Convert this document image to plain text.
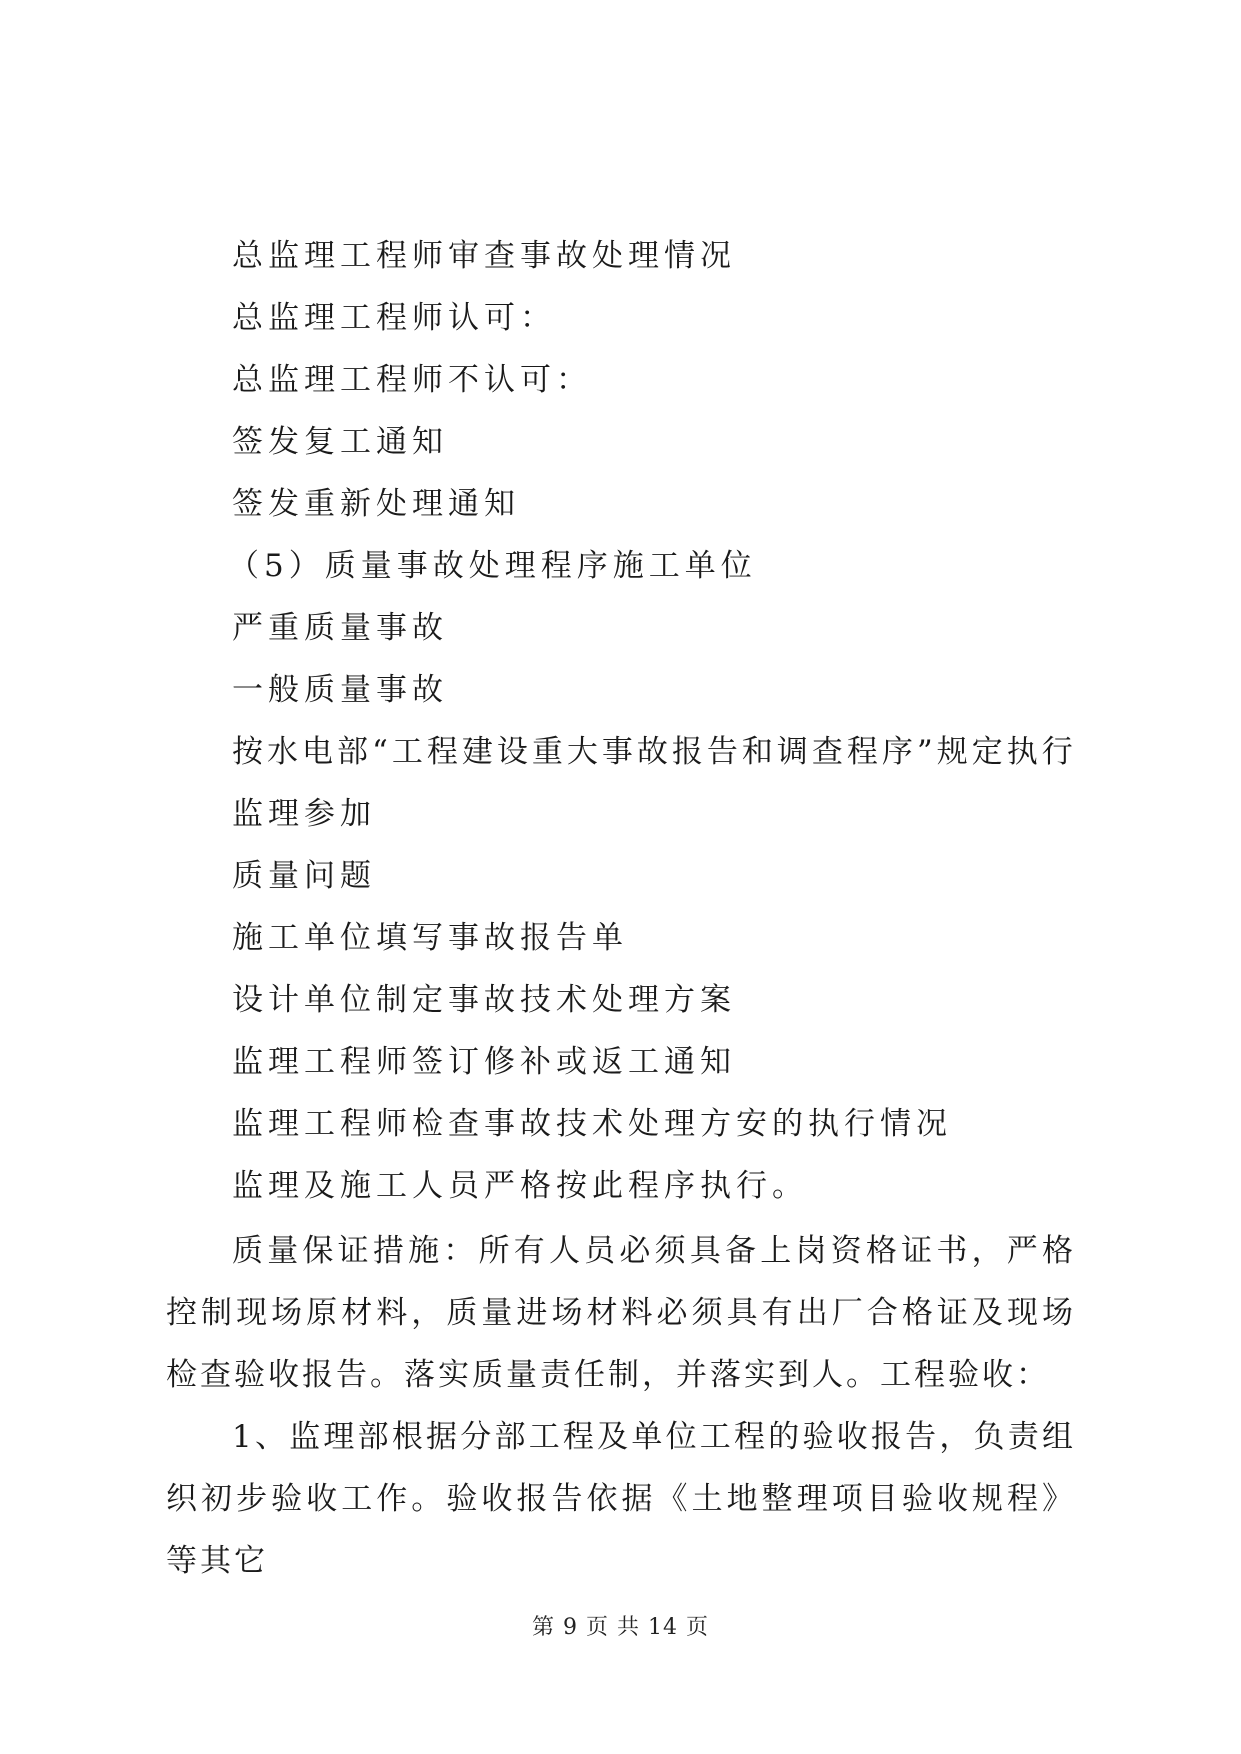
总监理工程师审查事故处理情况
总监理工程师认可：
总监理工程师不认可：
签发复工通知
签发重新处理通知
（5）质量事故处理程序施工单位
严重质量事故
一般质量事故
按水电部“工程建设重大事故报告和调查程序”规定执行
监理参加
质量问题
施工单位填写事故报告单
设计单位制定事故技术处理方案
监理工程师签订修补或返工通知
监理工程师检查事故技术处理方安的执行情况
监理及施工人员严格按此程序执行。
质量保证措施：所有人员必须具备上岗资格证书，严格控制现场原材料，质量进场材料必须具有出厂合格证及现场检查验收报告。落实质量责任制，并落实到人。工程验收：
1、监理部根据分部工程及单位工程的验收报告，负责组织初步验收工作。验收报告依据《土地整理项目验收规程》等其它
第 9 页 共 14 页
